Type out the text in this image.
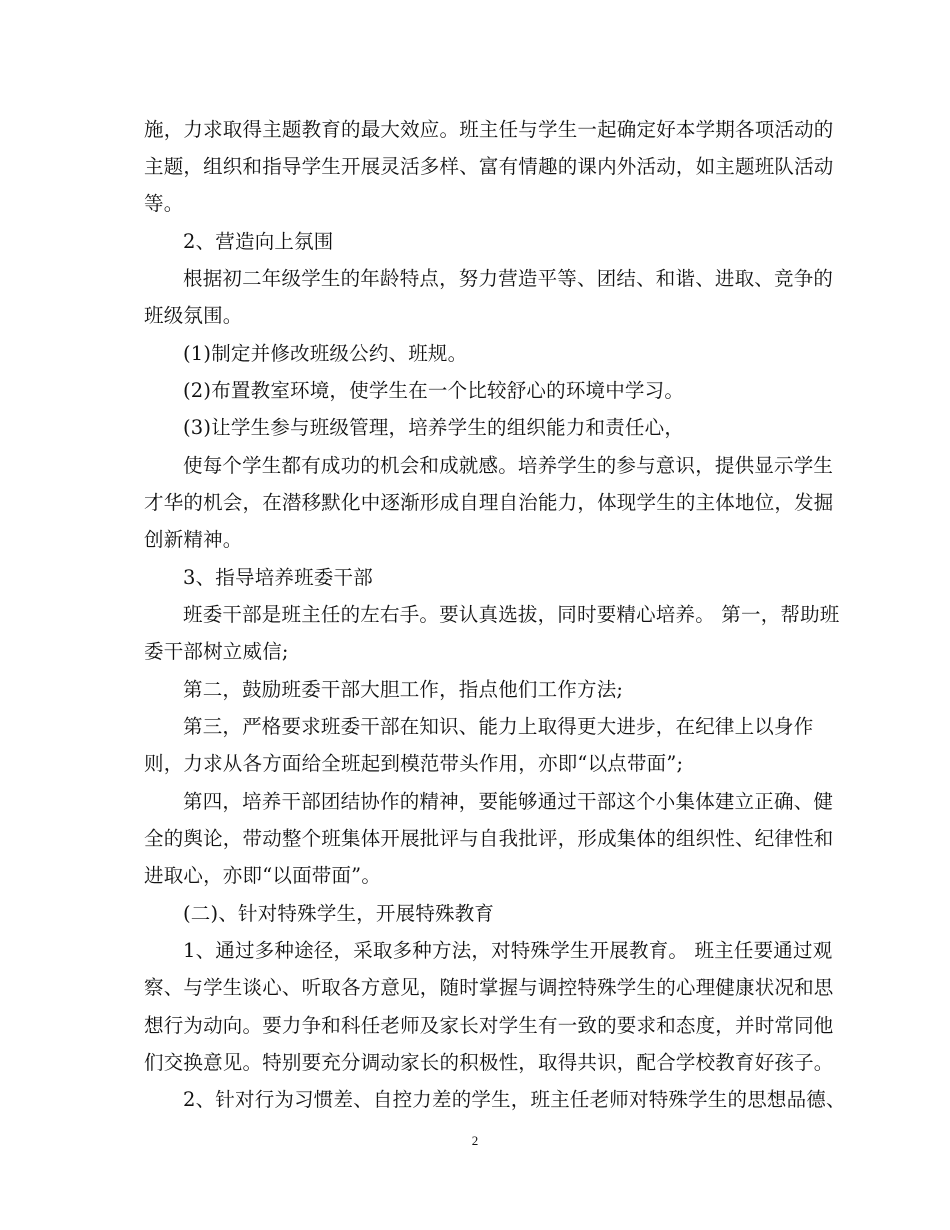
施，力求取得主题教育的最大效应。班主任与学生一起确定好本学期各项活动的
主题，组织和指导学生开展灵活多样、富有情趣的课内外活动，如主题班队活动
等。
2、营造向上氛围
根据初二年级学生的年龄特点，努力营造平等、团结、和谐、进取、竞争的
班级氛围。
(1)制定并修改班级公约、班规。
(2)布置教室环境，使学生在一个比较舒心的环境中学习。
(3)让学生参与班级管理，培养学生的组织能力和责任心，
使每个学生都有成功的机会和成就感。培养学生的参与意识，提供显示学生
才华的机会，在潜移默化中逐渐形成自理自治能力，体现学生的主体地位，发掘
创新精神。
3、指导培养班委干部
班委干部是班主任的左右手。要认真选拔，同时要精心培养。 第一，帮助班
委干部树立威信;
第二，鼓励班委干部大胆工作，指点他们工作方法;
第三，严格要求班委干部在知识、能力上取得更大进步，在纪律上以身作
则，力求从各方面给全班起到模范带头作用，亦即“以点带面”;
第四，培养干部团结协作的精神，要能够通过干部这个小集体建立正确、健
全的舆论，带动整个班集体开展批评与自我批评，形成集体的组织性、纪律性和
进取心，亦即“以面带面”。
(二)、针对特殊学生，开展特殊教育
1、通过多种途径，采取多种方法，对特殊学生开展教育。 班主任要通过观
察、与学生谈心、听取各方意见，随时掌握与调控特殊学生的心理健康状况和思
想行为动向。要力争和科任老师及家长对学生有一致的要求和态度，并时常同他
们交换意见。特别要充分调动家长的积极性，取得共识，配合学校教育好孩子。
2、针对行为习惯差、自控力差的学生，班主任老师对特殊学生的思想品德、
2
